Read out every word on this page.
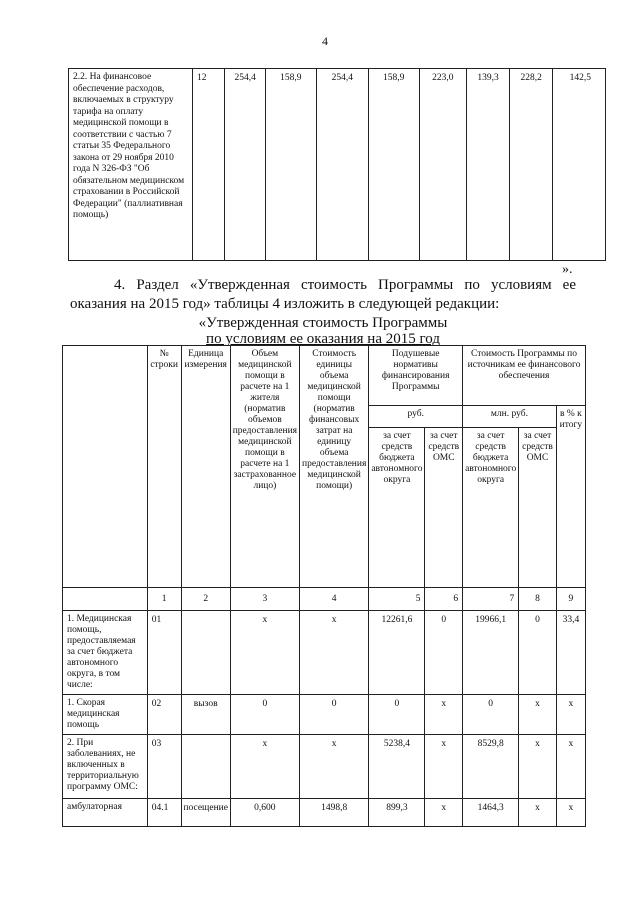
4
2.2. На финансовое обеспечение расходов, включаемых в структуру тарифа на оплату медицинской помощи в соответствии с частью 7 статьи 35 Федерального закона от 29 ноября 2010 года N 326-ФЗ "Об обязательном медицинском страховании в Российской Федерации" (паллиативная помощь)	12	254,4	158,9	254,4	158,9	223,0	139,3	228,2	142,5
».
4. Раздел «Утвержденная стоимость Программы по условиям ее оказания на 2015 год» таблицы 4 изложить в следующей редакции:
«Утвержденная стоимость Программы
по условиям ее оказания на 2015 год
	№ строки	Единица измерения	Объем медицинской помощи в расчете на 1 жителя (норматив объемов предоставления медицинской помощи в расчете на 1 застрахованное лицо)	Стоимость единицы объема медицинской помощи (норматив финансовых затрат на единицу объема предоставления медицинской помощи)	Подушевые нормативы финансирования Программы		Стоимость Программы по источникам ее финансового обеспечения		
					руб.		млн. руб.		в % к итогу
					за счет средств бюджета автономного округа	за счет средств ОМС	за счет средств бюджета автономного округа	за счет средств ОМС	
	1	2	3	4	5	6	7	8	9
1. Медицинская помощь, предоставляемая за счет бюджета автономного округа, в том числе:	01		х	х	12261,6	0	19966,1	0	33,4
1. Скорая медицинская помощь	02	вызов	0	0	0	х	0	х	х
2. При заболеваниях, не включенных в территориальную программу ОМС:	03		х	х	5238,4	х	8529,8	х	х
амбулаторная	04.1	посещение	0,600	1498,8	899,3	х	1464,3	х	х
